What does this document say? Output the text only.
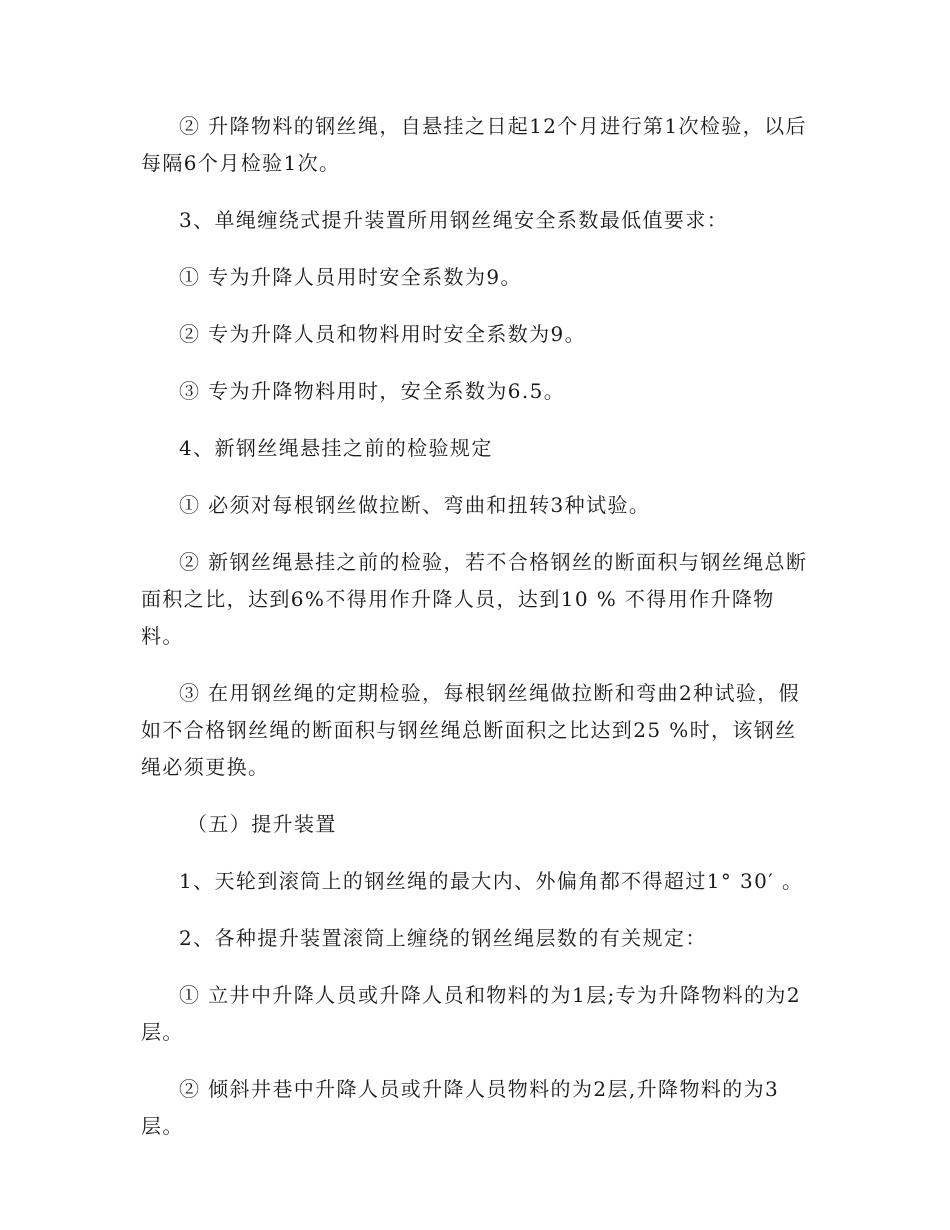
② 升降物料的钢丝绳，自悬挂之日起12个月进行第1次检验，以后每隔6个月检验1次。

3、单绳缠绕式提升装置所用钢丝绳安全系数最低值要求：

① 专为升降人员用时安全系数为9。

② 专为升降人员和物料用时安全系数为9。

③ 专为升降物料用时，安全系数为6.5。

4、新钢丝绳悬挂之前的检验规定

① 必须对每根钢丝做拉断、弯曲和扭转3种试验。

② 新钢丝绳悬挂之前的检验，若不合格钢丝的断面积与钢丝绳总断面积之比，达到6%不得用作升降人员，达到10 % 不得用作升降物料。

③ 在用钢丝绳的定期检验，每根钢丝绳做拉断和弯曲2种试验，假如不合格钢丝绳的断面积与钢丝绳总断面积之比达到25 %时，该钢丝绳必须更换。

（五）提升装置

1、天轮到滚筒上的钢丝绳的最大内、外偏角都不得超过1° 30′ 。

2、各种提升装置滚筒上缠绕的钢丝绳层数的有关规定：

① 立井中升降人员或升降人员和物料的为1层;专为升降物料的为2层。

② 倾斜井巷中升降人员或升降人员物料的为2层,升降物料的为3层。
